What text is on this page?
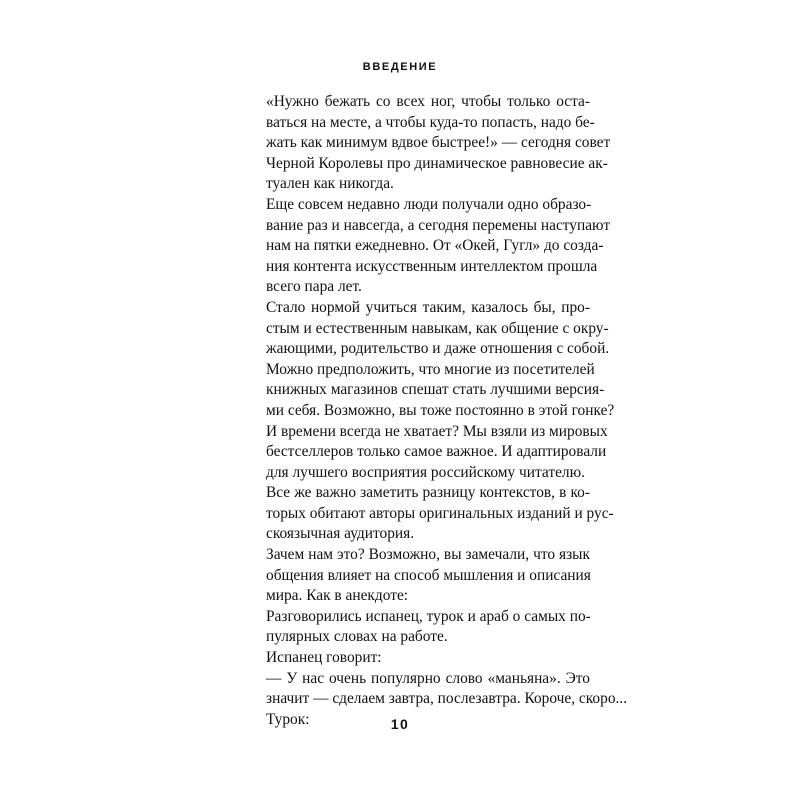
ВВЕДЕНИЕ

«Нужно бежать со всех ног, чтобы только оста-
ваться на месте, а чтобы куда-то попасть, надо бе-
жать как минимум вдвое быстрее!» — сегодня совет
Черной Королевы про динамическое равновесие ак-
туален как никогда.

Еще совсем недавно люди получали одно образо-
вание раз и навсегда, а сегодня перемены наступают
нам на пятки ежедневно. От «Окей, Гугл» до созда-
ния контента искусственным интеллектом прошла
всего пара лет.

Стало нормой учиться таким, казалось бы, про-
стым и естественным навыкам, как общение с окру-
жающими, родительство и даже отношения с собой.

Можно предположить, что многие из посетителей
книжных магазинов спешат стать лучшими версия-
ми себя. Возможно, вы тоже постоянно в этой гонке?
И времени всегда не хватает? Мы взяли из мировых
бестселлеров только самое важное. И адаптировали
для лучшего восприятия российскому читателю.

Все же важно заметить разницу контекстов, в ко-
торых обитают авторы оригинальных изданий и рус-
скоязычная аудитория.

Зачем нам это? Возможно, вы замечали, что язык
общения влияет на способ мышления и описания
мира. Как в анекдоте:

Разговорились испанец, турок и араб о самых по-
пулярных словах на работе.

Испанец говорит:

— У нас очень популярно слово «маньяна». Это
значит — сделаем завтра, послезавтра. Короче, скоро...

Турок:	10
